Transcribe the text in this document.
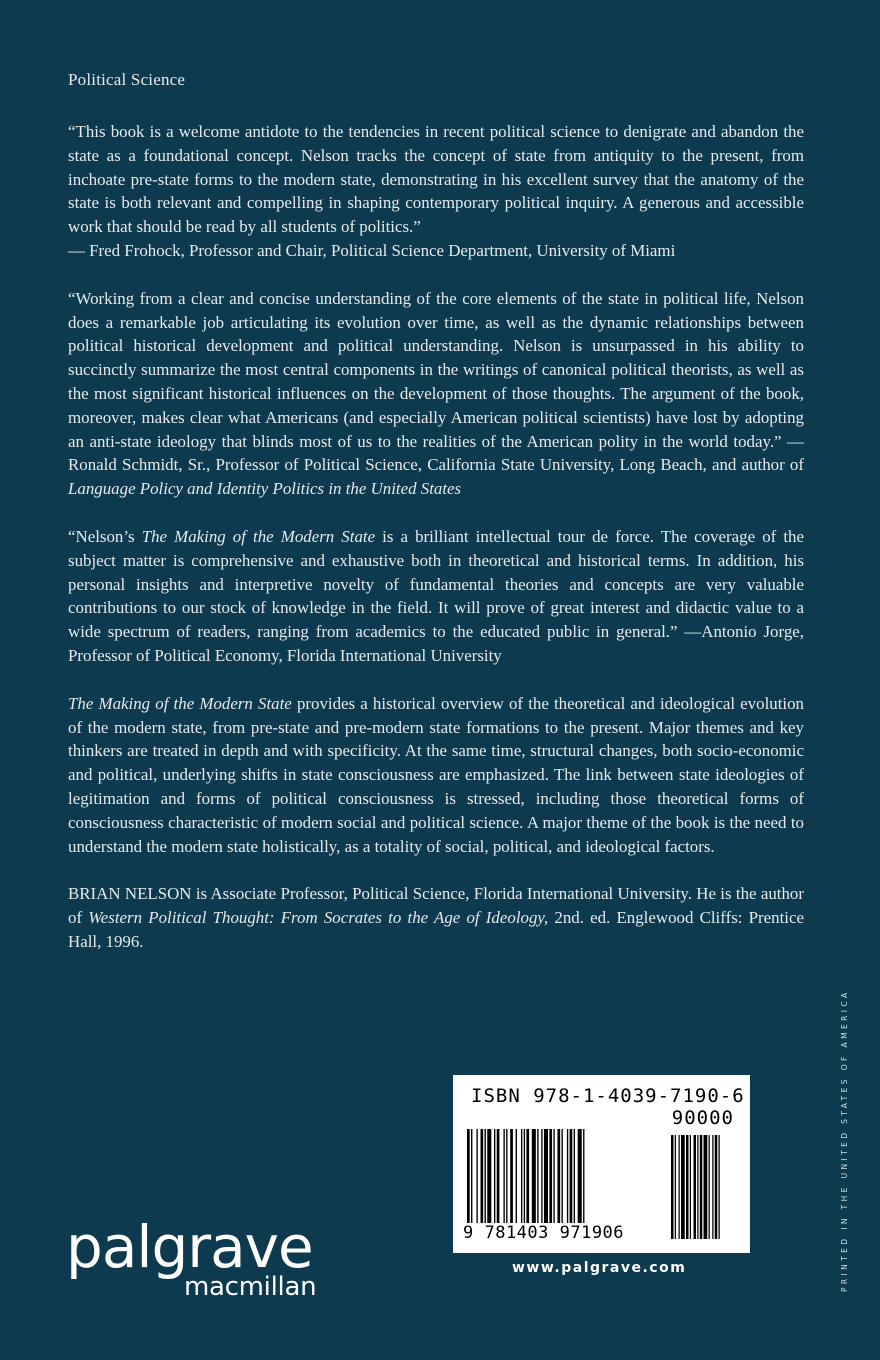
Political Science

“This book is a welcome antidote to the tendencies in recent political science to denigrate and abandon the state as a foundational concept. Nelson tracks the concept of state from antiquity to the present, from inchoate pre-state forms to the modern state, demonstrating in his excellent survey that the anatomy of the state is both relevant and compelling in shaping contemporary political inquiry. A generous and accessible work that should be read by all students of politics.”
— Fred Frohock, Professor and Chair, Political Science Department, University of Miami

“Working from a clear and concise understanding of the core elements of the state in political life, Nelson does a remarkable job articulating its evolution over time, as well as the dynamic relationships between political historical development and political understanding. Nelson is unsurpassed in his ability to succinctly summarize the most central components in the writings of canonical political theorists, as well as the most significant historical influences on the development of those thoughts. The argument of the book, moreover, makes clear what Americans (and especially American political scientists) have lost by adopting an anti-state ideology that blinds most of us to the realities of the American polity in the world today.” —Ronald Schmidt, Sr., Professor of Political Science, California State University, Long Beach, and author of Language Policy and Identity Politics in the United States

“Nelson’s The Making of the Modern State is a brilliant intellectual tour de force. The coverage of the subject matter is comprehensive and exhaustive both in theoretical and historical terms. In addition, his personal insights and interpretive novelty of fundamental theories and concepts are very valuable contributions to our stock of knowledge in the field. It will prove of great interest and didactic value to a wide spectrum of readers, ranging from academics to the educated public in general.” —Antonio Jorge, Professor of Political Economy, Florida International University

The Making of the Modern State provides a historical overview of the theoretical and ideological evolution of the modern state, from pre-state and pre-modern state formations to the present. Major themes and key thinkers are treated in depth and with specificity. At the same time, structural changes, both socio-economic and political, underlying shifts in state consciousness are emphasized. The link between state ideologies of legitimation and forms of political consciousness is stressed, including those theoretical forms of consciousness characteristic of modern social and political science. A major theme of the book is the need to understand the modern state holistically, as a totality of social, political, and ideological factors.

BRIAN NELSON is Associate Professor, Political Science, Florida International University. He is the author of Western Political Thought: From Socrates to the Age of Ideology, 2nd. ed. Englewood Cliffs: Prentice Hall, 1996.

ISBN 978-1-4039-7190-6
90000
9 781403 971906
www.palgrave.com
palgrave
macmillan	PRINTED IN THE UNITED STATES OF AMERICA
